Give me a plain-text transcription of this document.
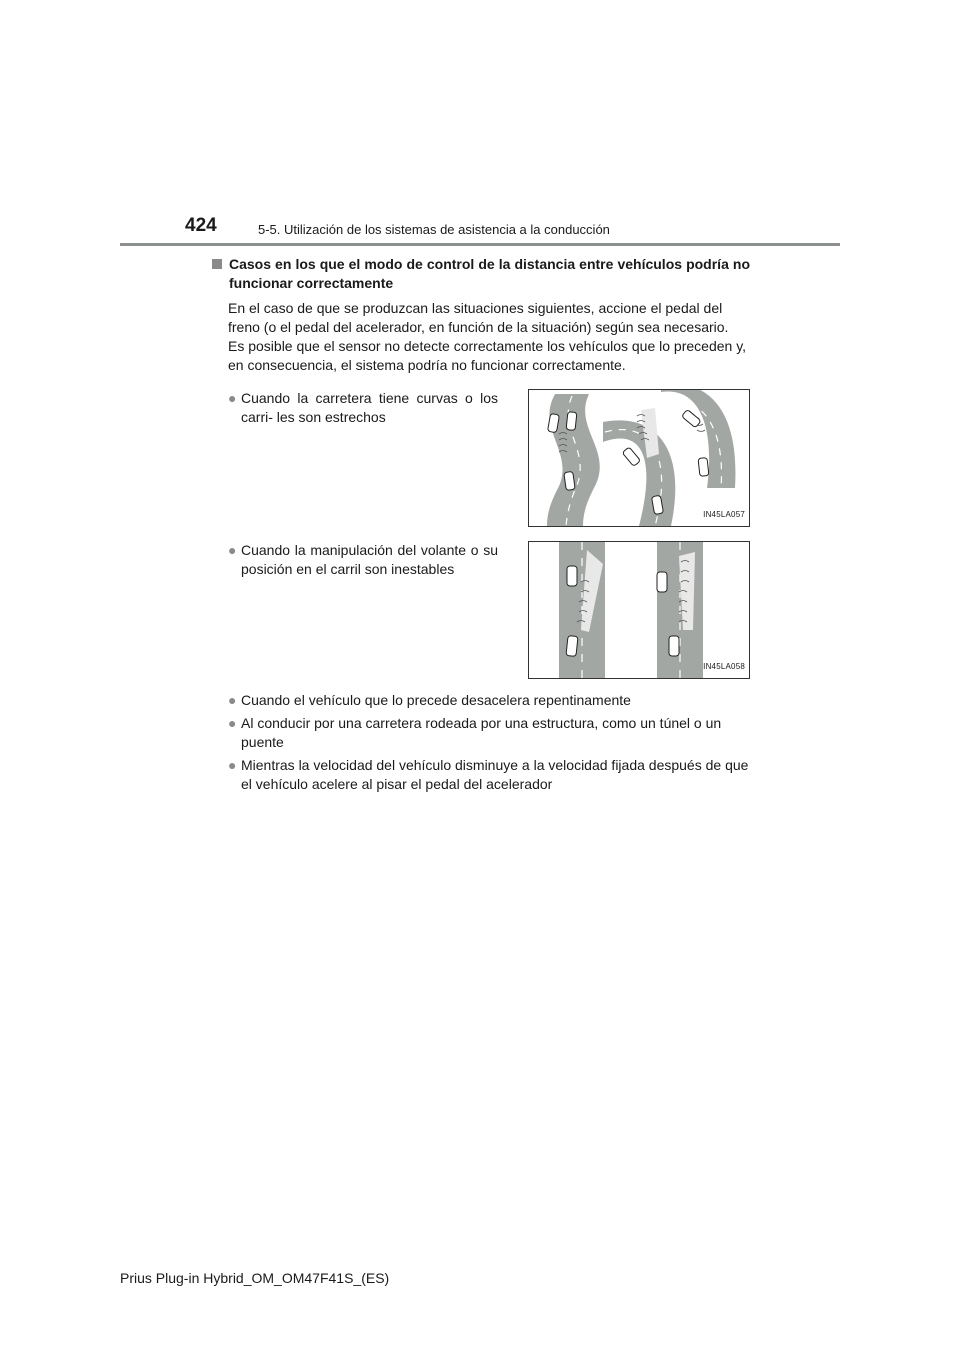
424	5-5. Utilización de los sistemas de asistencia a la conducción
Casos en los que el modo de control de la distancia entre vehículos podría no funcionar correctamente
En el caso de que se produzcan las situaciones siguientes, accione el pedal del freno (o el pedal del acelerador, en función de la situación) según sea necesario.
Es posible que el sensor no detecte correctamente los vehículos que lo preceden y, en consecuencia, el sistema podría no funcionar correctamente.
● Cuando la carretera tiene curvas o los carri- les son estrechos
IN45LA057
● Cuando la manipulación del volante o su posición en el carril son inestables
IN45LA058
● Cuando el vehículo que lo precede desacelera repentinamente
● Al conducir por una carretera rodeada por una estructura, como un túnel o un puente
● Mientras la velocidad del vehículo disminuye a la velocidad fijada después de que el vehículo acelere al pisar el pedal del acelerador
Prius Plug-in Hybrid_OM_OM47F41S_(ES)
